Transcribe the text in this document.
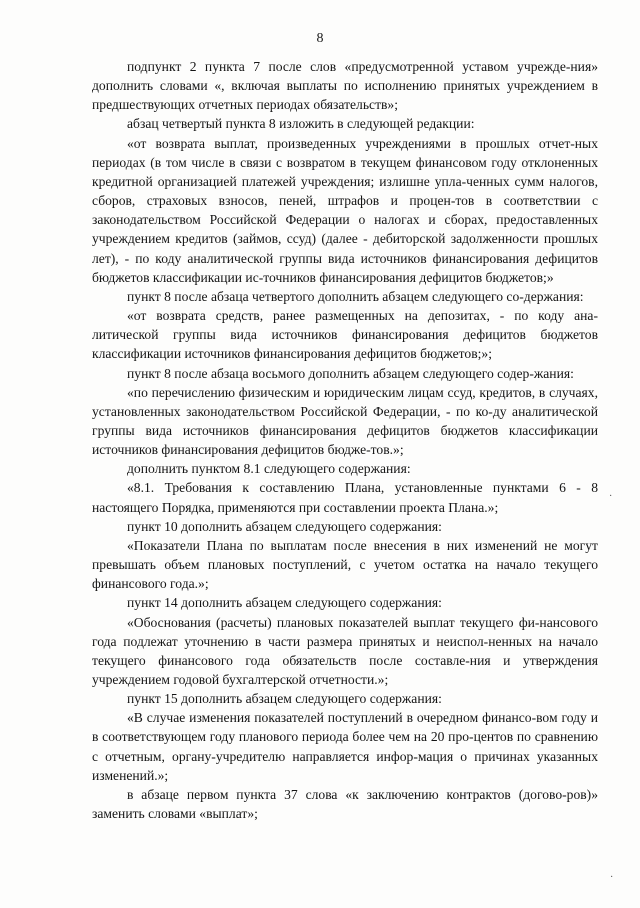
8

подпункт 2 пункта 7 после слов «предусмотренной уставом учрежде-ния» дополнить словами «, включая выплаты по исполнению принятых учреждением в предшествующих отчетных периодах обязательств»;

абзац четвертый пункта 8 изложить в следующей редакции:

«от возврата выплат, произведенных учреждениями в прошлых отчет-ных периодах (в том числе в связи с возвратом в текущем финансовом году отклоненных кредитной организацией платежей учреждения; излишне упла-ченных сумм налогов, сборов, страховых взносов, пеней, штрафов и процен-тов в соответствии с законодательством Российской Федерации о налогах и сборах, предоставленных учреждением кредитов (займов, ссуд) (далее - дебиторской задолженности прошлых лет), - по коду аналитической группы вида источников финансирования дефицитов бюджетов классификации ис-точников финансирования дефицитов бюджетов;»

пункт 8 после абзаца четвертого дополнить абзацем следующего со-держания:

«от возврата средств, ранее размещенных на депозитах, - по коду ана-литической группы вида источников финансирования дефицитов бюджетов классификации источников финансирования дефицитов бюджетов;»;

пункт 8 после абзаца восьмого дополнить абзацем следующего содер-жания:

«по перечислению физическим и юридическим лицам ссуд, кредитов, в случаях, установленных законодательством Российской Федерации, - по ко-ду аналитической группы вида источников финансирования дефицитов бюджетов классификации источников финансирования дефицитов бюдже-тов.»;

дополнить пунктом 8.1 следующего содержания:

«8.1. Требования к составлению Плана, установленные пунктами 6 - 8 настоящего Порядка, применяются при составлении проекта Плана.»;

пункт 10 дополнить абзацем следующего содержания:

«Показатели Плана по выплатам после внесения в них изменений не могут превышать объем плановых поступлений, с учетом остатка на начало текущего финансового года.»;

пункт 14 дополнить абзацем следующего содержания:

«Обоснования (расчеты) плановых показателей выплат текущего фи-нансового года подлежат уточнению в части размера принятых и неиспол-ненных на начало текущего финансового года обязательств после составле-ния и утверждения учреждением годовой бухгалтерской отчетности.»;

пункт 15 дополнить абзацем следующего содержания:

«В случае изменения показателей поступлений в очередном финансо-вом году и в соответствующем году планового периода более чем на 20 про-центов по сравнению с отчетным, органу-учредителю направляется инфор-мация о причинах указанных изменений.»;

в абзаце первом пункта 37 слова «к заключению контрактов (догово-ров)» заменить словами «выплат»;

·
·
